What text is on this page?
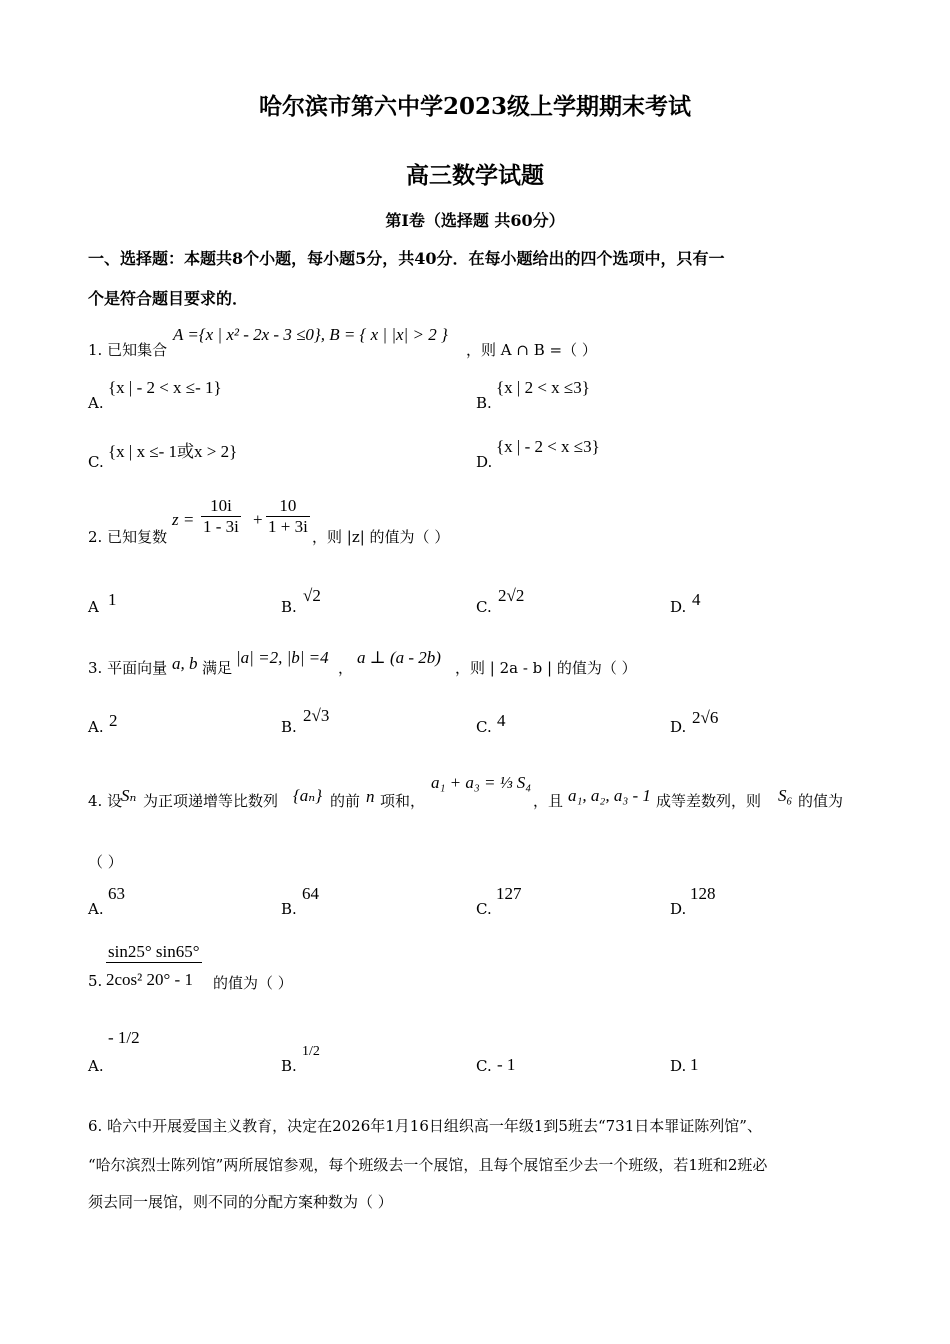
哈尔滨市第六中学2023级上学期期末考试
高三数学试题
第Ⅰ卷（选择题 共60分）
一、选择题：本题共8个小题，每小题5分，共40分．在每小题给出的四个选项中，只有一
个是符合题目要求的．
1. 已知集合
A ={x | x² - 2x - 3 ≤0}, B = { x | |x| > 2 }
，则 A ∩ B =（ ）
A.
{x | - 2 < x ≤- 1}
B.
{x | 2 < x ≤3}
C.
{x | x ≤- 1或x > 2}
D.
{x | - 2 < x ≤3}
2. 已知复数
$z = \frac{10i}{1 - 3i} + \frac{10}{1 + 3i}$ ，则 |z| 的值为（ ）
A 1	B.
√2
C.
2√2
D. 4
3. 平面向量 a, b 满足
|a| =2, |b| =4
，
a ⊥ (a - 2b)
，则 | 2a - b | 的值为（ ）
A. 2	B.
2√3
C. 4	D. 2√6
4. 设
Sₙ 为正项递增等比数列 {aₙ} 的前 n 项和，
a₁ + a₃ = ⅓ S₄
，且 a₁, a₂, a₃ - 1 成等差数列，则 S₆ 的值为
（ ）
A.
63
B.
64
C.
127
D.
128
sin25° sin65°
5. 2cos² 20° - 1 的值为（ ）
A.
- 1/2
B.
1/2
C. - 1	D. 1
6. 哈六中开展爱国主义教育，决定在2026年1月16日组织高一年级1到5班去“731日本罪证陈列馆”、
“哈尔滨烈士陈列馆”两所展馆参观，每个班级去一个展馆，且每个展馆至少去一个班级，若1班和2班必
须去同一展馆，则不同的分配方案种数为（ ）
